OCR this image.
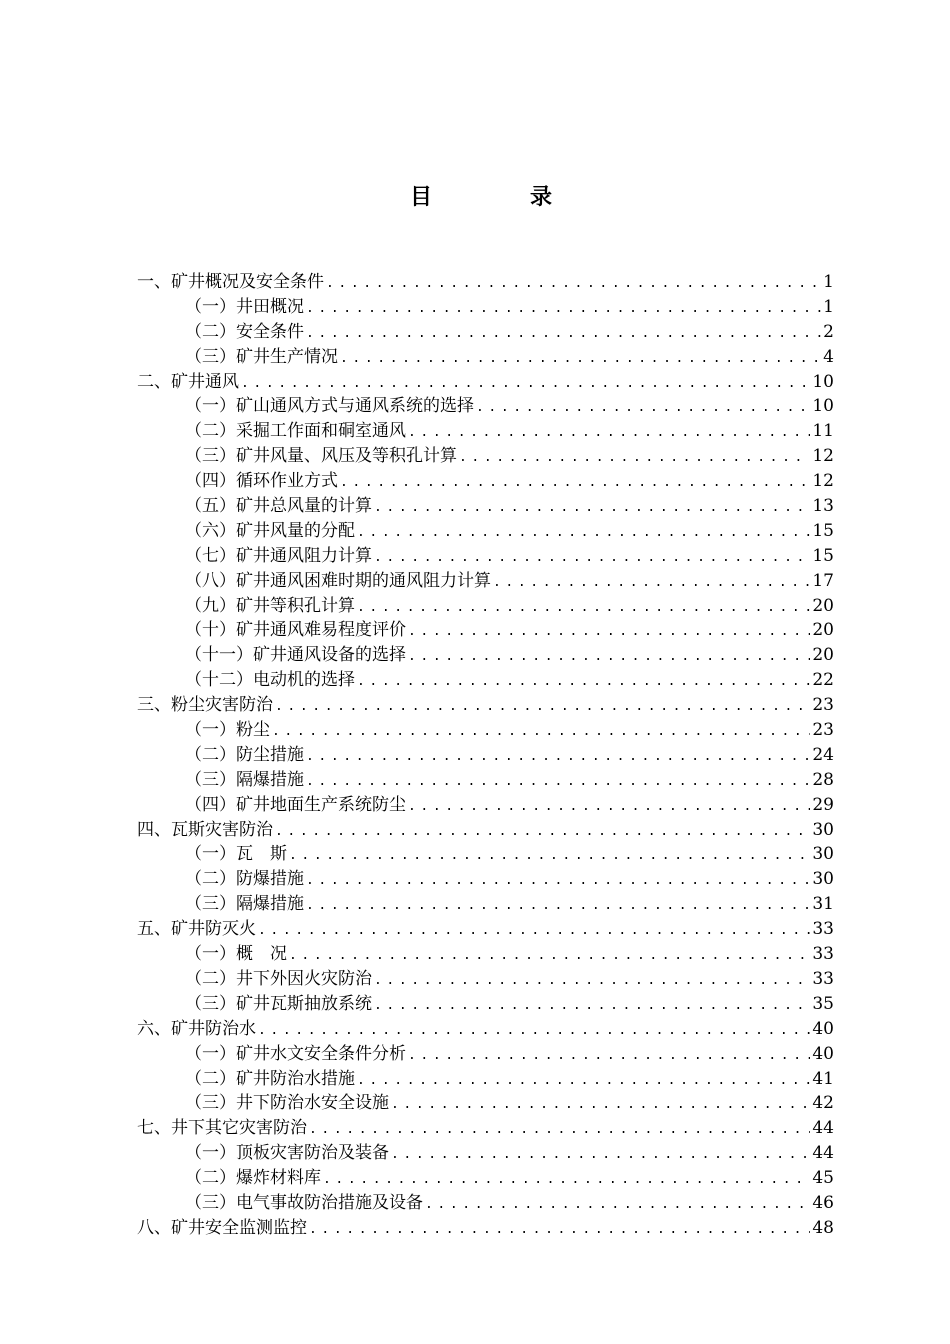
目　录
一、矿井概况及安全条件 .....	1
（一）井田概况 .....	1
（二）安全条件 .....	2
（三）矿井生产情况 .....	4
二、矿井通风 .....	10
（一）矿山通风方式与通风系统的选择 .....	10
（二）采掘工作面和硐室通风 .....	11
（三）矿井风量、风压及等积孔计算 .....	12
（四）循环作业方式 .....	12
（五）矿井总风量的计算 .....	13
（六）矿井风量的分配 .....	15
（七）矿井通风阻力计算 .....	15
（八）矿井通风困难时期的通风阻力计算 .....	17
（九）矿井等积孔计算 .....	20
（十）矿井通风难易程度评价 .....	20
（十一）矿井通风设备的选择 .....	20
（十二）电动机的选择 .....	22
三、粉尘灾害防治 .....	23
（一）粉尘 .....	23
（二）防尘措施 .....	24
（三）隔爆措施 .....	28
（四）矿井地面生产系统防尘 .....	29
四、瓦斯灾害防治 .....	30
（一）瓦　斯 .....	30
（二）防爆措施 .....	30
（三）隔爆措施 .....	31
五、矿井防灭火 .....	33
（一）概　况 .....	33
（二）井下外因火灾防治 .....	33
（三）矿井瓦斯抽放系统 .....	35
六、矿井防治水 .....	40
（一）矿井水文安全条件分析 .....	40
（二）矿井防治水措施 .....	41
（三）井下防治水安全设施 .....	42
七、井下其它灾害防治 .....	44
（一）顶板灾害防治及装备 .....	44
（二）爆炸材料库 .....	45
（三）电气事故防治措施及设备 .....	46
八、矿井安全监测监控 .....	48
